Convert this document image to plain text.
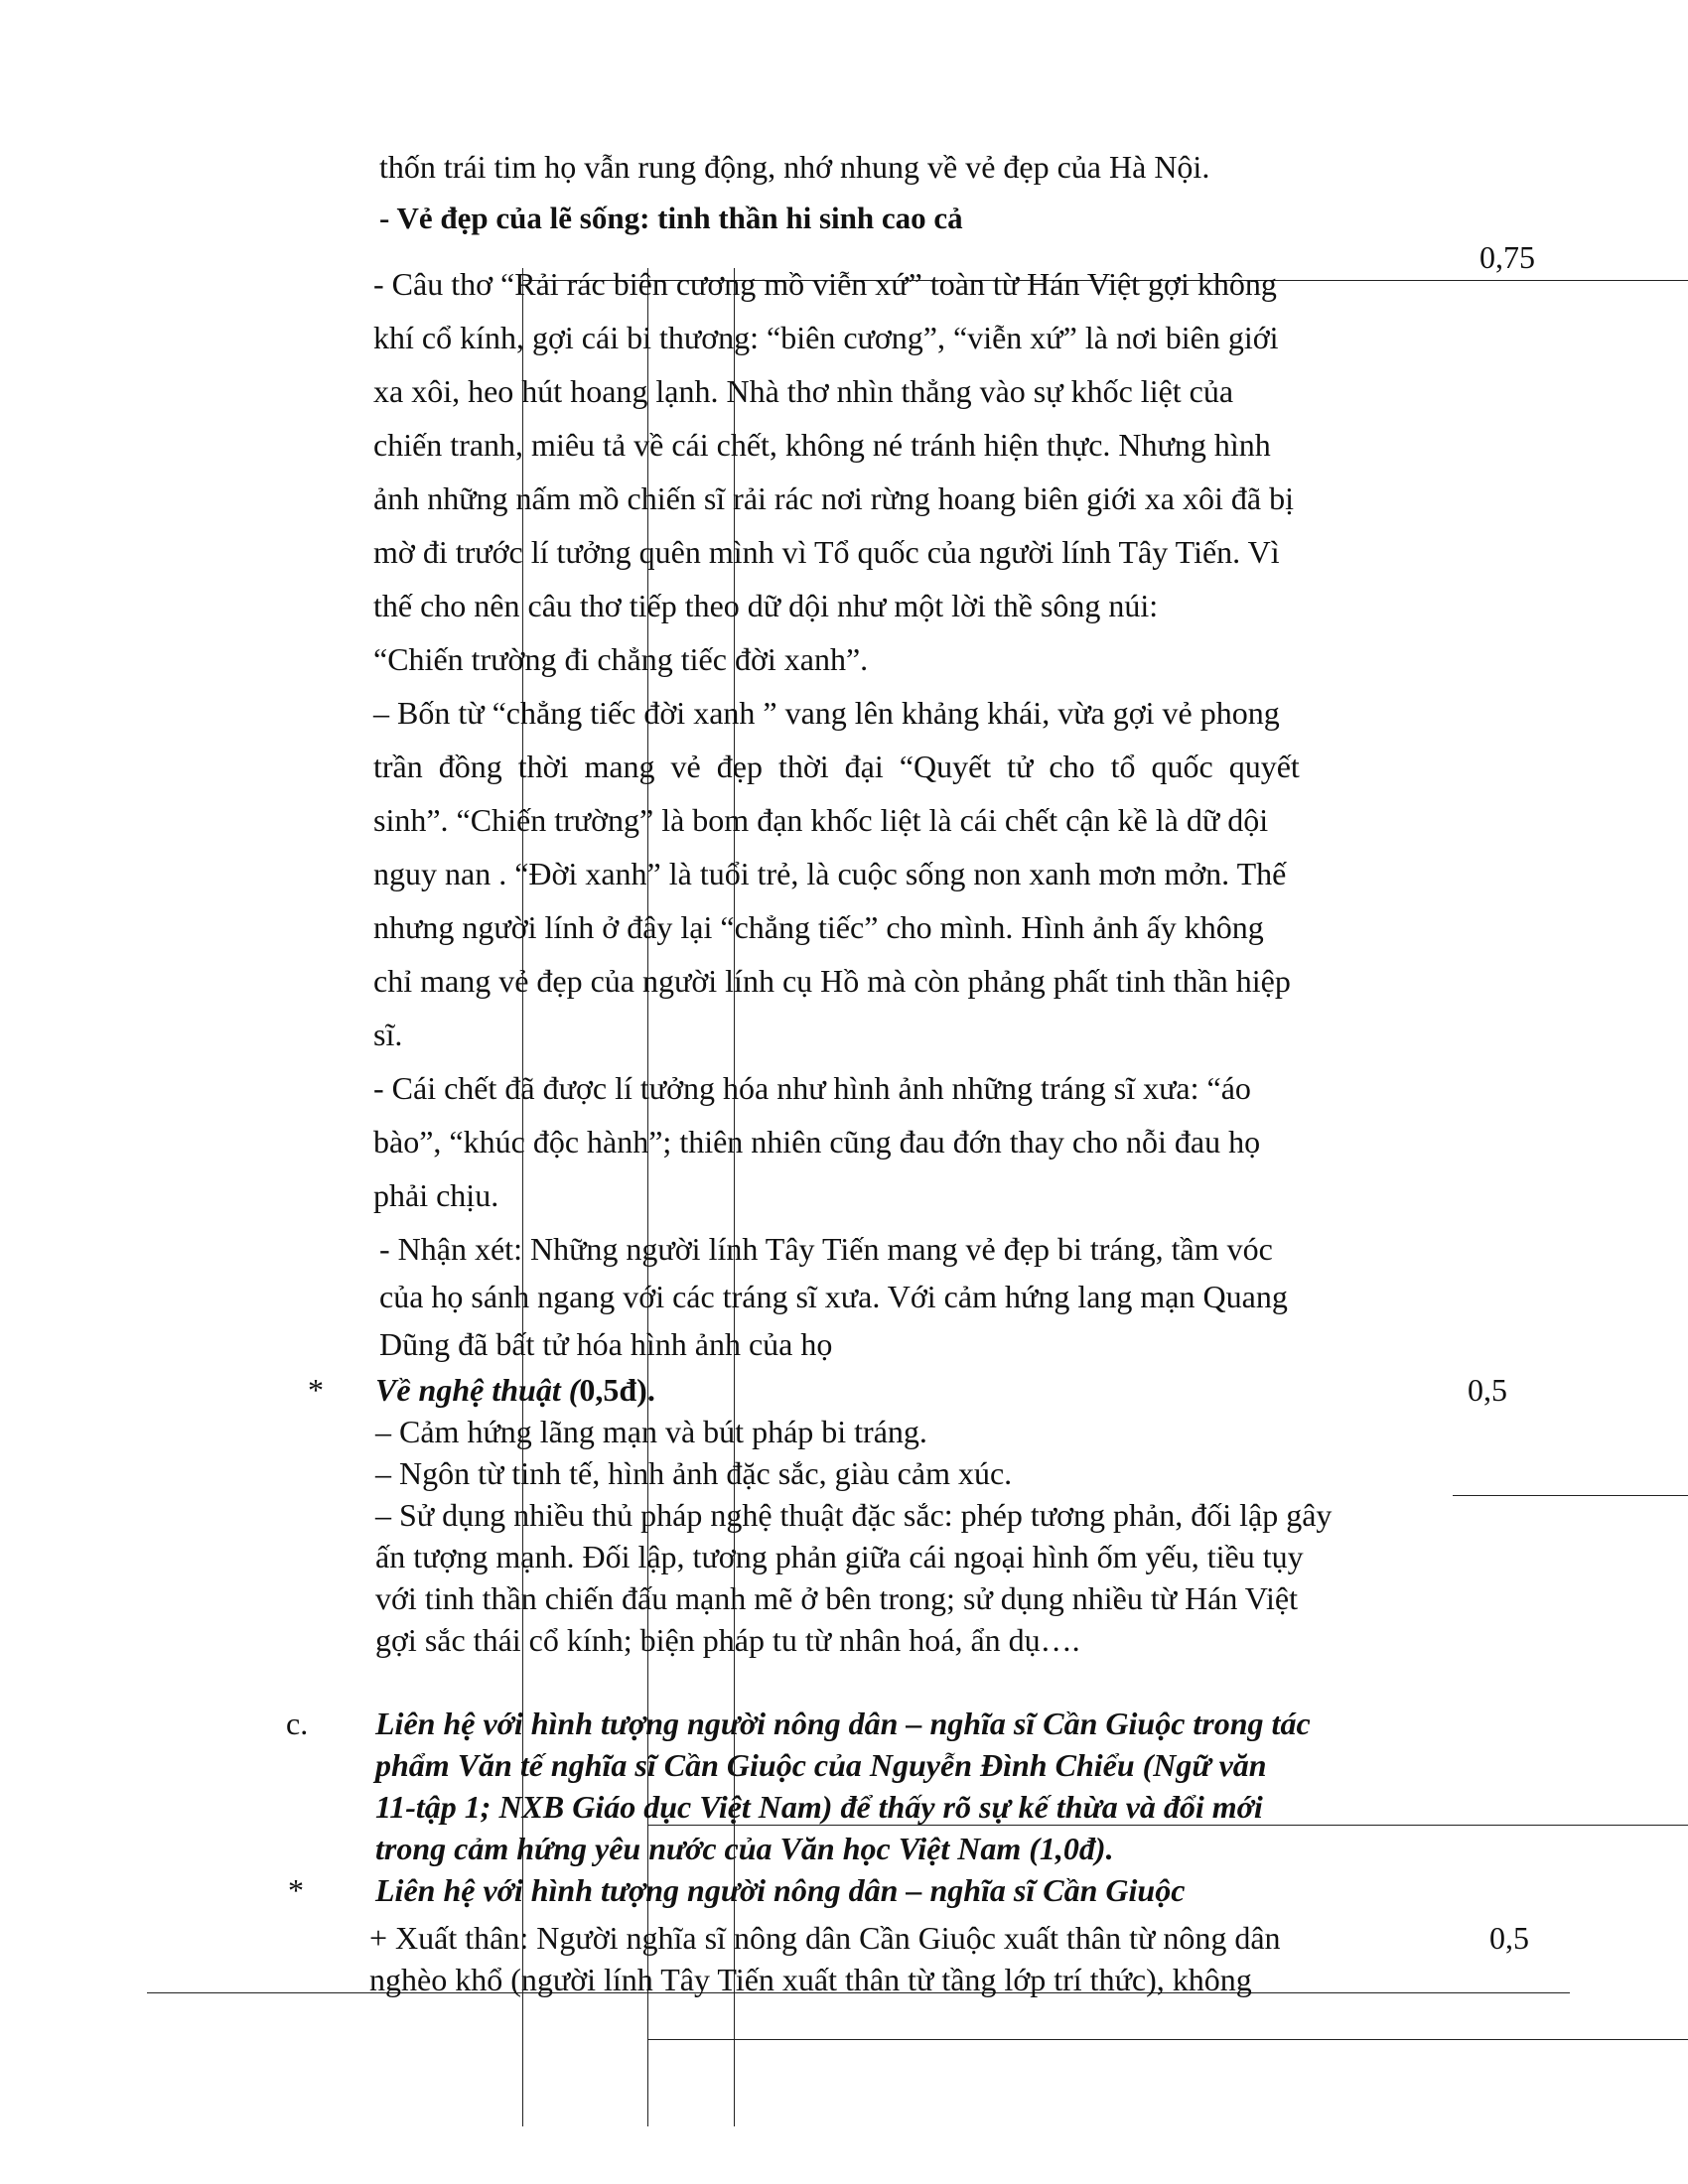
thốn trái tim họ vẫn rung động, nhớ nhung về vẻ đẹp của Hà Nội.

- Vẻ đẹp của lẽ sống: tinh thần hi sinh cao cả

0,75

- Câu thơ “Rải rác biên cương mồ viễn xứ” toàn từ Hán Việt gợi không

khí cổ kính, gợi cái bi thương: “biên cương”, “viễn xứ” là nơi biên giới

xa xôi, heo hút hoang lạnh. Nhà thơ nhìn thẳng vào sự khốc liệt của

chiến tranh, miêu tả về cái chết, không né tránh hiện thực. Nhưng hình

ảnh những nấm mồ chiến sĩ rải rác nơi rừng hoang biên giới xa xôi đã bị

mờ đi trước lí tưởng quên mình vì Tổ quốc của người lính Tây Tiến. Vì

thế cho nên câu thơ tiếp theo dữ dội như một lời thề sông núi:

“Chiến trường đi chẳng tiếc đời xanh”.

– Bốn từ “chẳng tiếc đời xanh ” vang lên khảng khái, vừa gợi vẻ phong

trần  đồng  thời  mang  vẻ  đẹp  thời  đại  “Quyết  tử  cho  tổ  quốc  quyết

sinh”. “Chiến trường” là bom đạn khốc liệt là cái chết cận kề là dữ dội

nguy nan . “Đời xanh” là tuổi trẻ, là cuộc sống non xanh mơn mởn. Thế

nhưng người lính ở đây lại “chẳng tiếc” cho mình. Hình ảnh ấy không

chỉ mang vẻ đẹp của người lính cụ Hồ mà còn phảng phất tinh thần hiệp

sĩ.

- Cái chết đã được lí tưởng hóa như hình ảnh những tráng sĩ xưa: “áo

bào”, “khúc độc hành”; thiên nhiên cũng đau đớn thay cho nỗi đau họ

phải chịu.

- Nhận xét: Những người lính Tây Tiến mang vẻ đẹp bi tráng, tầm vóc

của họ sánh ngang với các tráng sĩ xưa. Với cảm hứng lang mạn Quang

Dũng đã bất tử hóa hình ảnh của họ

* Về nghệ thuật (0,5đ).	0,5

– Cảm hứng lãng mạn và bút pháp bi tráng.

– Ngôn từ tinh tế, hình ảnh đặc sắc, giàu cảm xúc.

– Sử dụng nhiều thủ pháp nghệ thuật đặc sắc: phép tương phản, đối lập gây

ấn tượng mạnh. Đối lập, tương phản giữa cái ngoại hình ốm yếu, tiều tụy

với tinh thần chiến đấu mạnh mẽ ở bên trong; sử dụng nhiều từ Hán Việt

gợi sắc thái cổ kính; biện pháp tu từ nhân hoá, ẩn dụ….

c. Liên hệ với hình tượng người nông dân – nghĩa sĩ Cần Giuộc trong tác

phẩm Văn tế nghĩa sĩ Cần Giuộc của Nguyễn Đình Chiểu (Ngữ văn

11-tập 1; NXB Giáo dục Việt Nam) để thấy rõ sự kế thừa và đổi mới

trong cảm hứng yêu nước của Văn học Việt Nam (1,0đ).

* Liên hệ với hình tượng người nông dân – nghĩa sĩ Cần Giuộc

+ Xuất thân: Người nghĩa sĩ nông dân Cần Giuộc xuất thân từ nông dân	0,5

nghèo khổ (người lính Tây Tiến xuất thân từ tầng lớp trí thức), không
